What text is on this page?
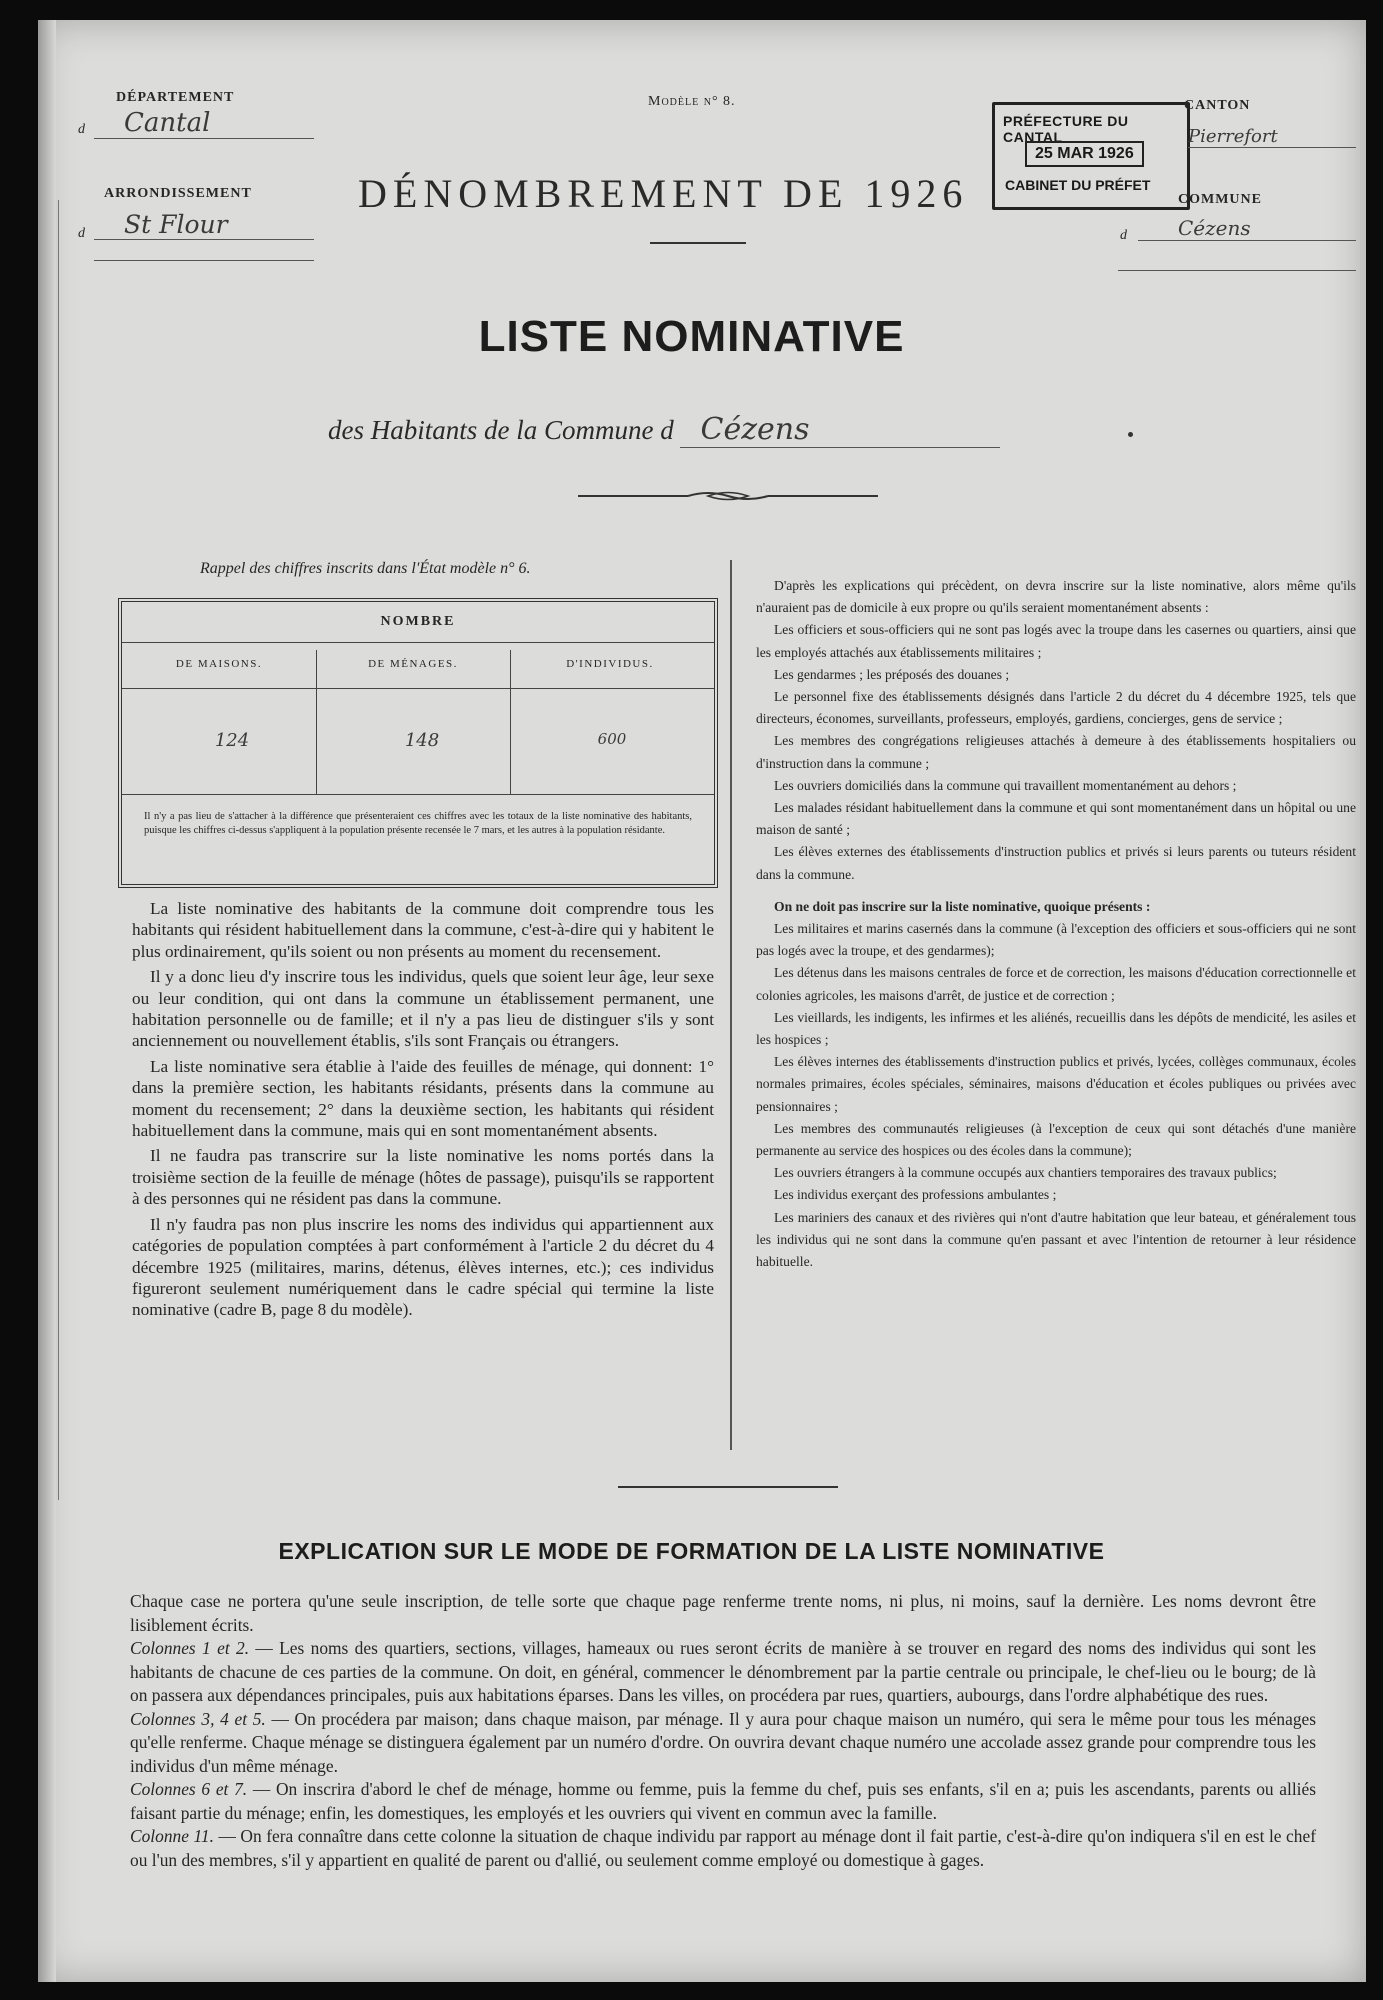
DÉPARTEMENT
d	Cantal
ARRONDISSEMENT
d	St Flour
Modèle n° 8.
PRÉFECTURE DU CANTAL
25 MAR 1926
CABINET DU PRÉFET
CANTON
Pierrefort
COMMUNE
d	Cézens
DÉNOMBREMENT DE 1926
LISTE NOMINATIVE
des Habitants de la Commune d Cézens
Rappel des chiffres inscrits dans l'État modèle n° 6.
NOMBRE
DE MAISONS.	DE MÉNAGES.	D'INDIVIDUS.
124	148	600
Il n'y a pas lieu de s'attacher à la différence que présenteraient ces chiffres avec les totaux de la liste nominative des habitants, puisque les chiffres ci-dessus s'appliquent à la population présente recensée le 7 mars, et les autres à la population résidante.

La liste nominative des habitants de la commune doit comprendre tous les habitants qui résident habituellement dans la commune, c'est-à-dire qui y habitent le plus ordinairement, qu'ils soient ou non présents au moment du recensement.

Il y a donc lieu d'y inscrire tous les individus, quels que soient leur âge, leur sexe ou leur condition, qui ont dans la commune un établissement permanent, une habitation personnelle ou de famille; et il n'y a pas lieu de distinguer s'ils y sont anciennement ou nouvellement établis, s'ils sont Français ou étrangers.

La liste nominative sera établie à l'aide des feuilles de ménage, qui donnent: 1° dans la première section, les habitants résidants, présents dans la commune au moment du recensement; 2° dans la deuxième section, les habitants qui résident habituellement dans la commune, mais qui en sont momentanément absents.

Il ne faudra pas transcrire sur la liste nominative les noms portés dans la troisième section de la feuille de ménage (hôtes de passage), puisqu'ils se rapportent à des personnes qui ne résident pas dans la commune.

Il n'y faudra pas non plus inscrire les noms des individus qui appartiennent aux catégories de population comptées à part conformément à l'article 2 du décret du 4 décembre 1925 (militaires, marins, détenus, élèves internes, etc.); ces individus figureront seulement numériquement dans le cadre spécial qui termine la liste nominative (cadre B, page 8 du modèle).

D'après les explications qui précèdent, on devra inscrire sur la liste nominative, alors même qu'ils n'auraient pas de domicile à eux propre ou qu'ils seraient momentanément absents :

Les officiers et sous-officiers qui ne sont pas logés avec la troupe dans les casernes ou quartiers, ainsi que les employés attachés aux établissements militaires ;

Les gendarmes ; les préposés des douanes ;

Le personnel fixe des établissements désignés dans l'article 2 du décret du 4 décembre 1925, tels que directeurs, économes, surveillants, professeurs, employés, gardiens, concierges, gens de service ;

Les membres des congrégations religieuses attachés à demeure à des établissements hospitaliers ou d'instruction dans la commune ;

Les ouvriers domiciliés dans la commune qui travaillent momentanément au dehors ;

Les malades résidant habituellement dans la commune et qui sont momentanément dans un hôpital ou une maison de santé ;

Les élèves externes des établissements d'instruction publics et privés si leurs parents ou tuteurs résident dans la commune.

On ne doit pas inscrire sur la liste nominative, quoique présents :

Les militaires et marins casernés dans la commune (à l'exception des officiers et sous-officiers qui ne sont pas logés avec la troupe, et des gendarmes);

Les détenus dans les maisons centrales de force et de correction, les maisons d'éducation correctionnelle et colonies agricoles, les maisons d'arrêt, de justice et de correction ;

Les vieillards, les indigents, les infirmes et les aliénés, recueillis dans les dépôts de mendicité, les asiles et les hospices ;

Les élèves internes des établissements d'instruction publics et privés, lycées, collèges communaux, écoles normales primaires, écoles spéciales, séminaires, maisons d'éducation et écoles publiques ou privées avec pensionnaires ;

Les membres des communautés religieuses (à l'exception de ceux qui sont détachés d'une manière permanente au service des hospices ou des écoles dans la commune);

Les ouvriers étrangers à la commune occupés aux chantiers temporaires des travaux publics;

Les individus exerçant des professions ambulantes ;

Les mariniers des canaux et des rivières qui n'ont d'autre habitation que leur bateau, et généralement tous les individus qui ne sont dans la commune qu'en passant et avec l'intention de retourner à leur résidence habituelle.

EXPLICATION SUR LE MODE DE FORMATION DE LA LISTE NOMINATIVE

Chaque case ne portera qu'une seule inscription, de telle sorte que chaque page renferme trente noms, ni plus, ni moins, sauf la dernière. Les noms devront être lisiblement écrits.

Colonnes 1 et 2. — Les noms des quartiers, sections, villages, hameaux ou rues seront écrits de manière à se trouver en regard des noms des individus qui sont les habitants de chacune de ces parties de la commune. On doit, en général, commencer le dénombrement par la partie centrale ou principale, le chef-lieu ou le bourg; de là on passera aux dépendances principales, puis aux habitations éparses. Dans les villes, on procédera par rues, quartiers, aubourgs, dans l'ordre alphabétique des rues.

Colonnes 3, 4 et 5. — On procédera par maison; dans chaque maison, par ménage. Il y aura pour chaque maison un numéro, qui sera le même pour tous les ménages qu'elle renferme. Chaque ménage se distinguera également par un numéro d'ordre. On ouvrira devant chaque numéro une accolade assez grande pour comprendre tous les individus d'un même ménage.

Colonnes 6 et 7. — On inscrira d'abord le chef de ménage, homme ou femme, puis la femme du chef, puis ses enfants, s'il en a; puis les ascendants, parents ou alliés faisant partie du ménage; enfin, les domestiques, les employés et les ouvriers qui vivent en commun avec la famille.

Colonne 11. — On fera connaître dans cette colonne la situation de chaque individu par rapport au ménage dont il fait partie, c'est-à-dire qu'on indiquera s'il en est le chef ou l'un des membres, s'il y appartient en qualité de parent ou d'allié, ou seulement comme employé ou domestique à gages.
